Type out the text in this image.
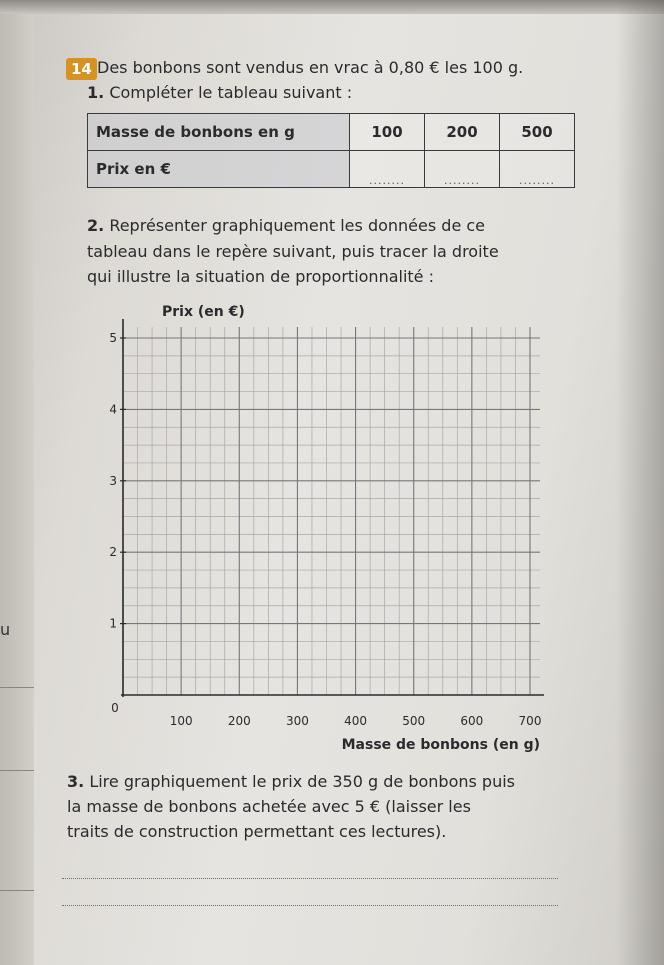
u
14 Des bonbons sont vendus en vrac à 0,80 € les 100 g.
1. Compléter le tableau suivant :
Masse de bonbons en g	100	200	500
Prix en €	........	........	........
2. Représenter graphiquement les données de ce
tableau dans le repère suivant, puis tracer la droite
qui illustre la situation de proportionnalité :
0
100	200	300	400	500	600	700
1
2
3
4
5
Prix (en €)
Masse de bonbons (en g)
3. Lire graphiquement le prix de 350 g de bonbons puis
la masse de bonbons achetée avec 5 € (laisser les
traits de construction permettant ces lectures).
